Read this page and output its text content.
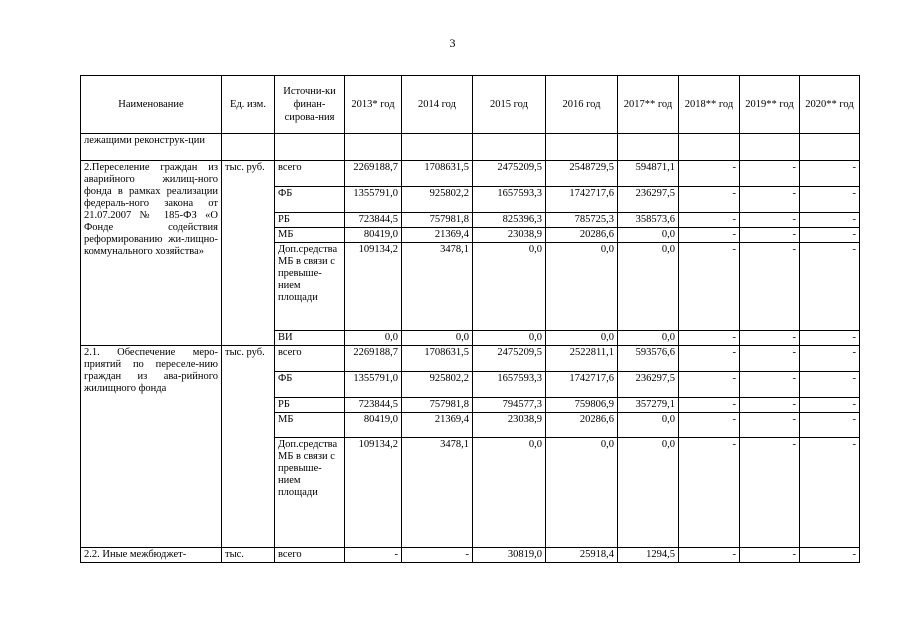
3
Наименование	Ед. изм.	Источни-ки финан-сирова-ния	2013* год	2014 год	2015 год	2016 год	2017** год	2018** год	2019** год	2020** год
лежащими реконструк-ции										
2.Переселение граждан из аварийного жилищ-ного фонда в рамках реализации федераль-ного закона от 21.07.2007 № 185-ФЗ «О Фонде содействия реформированию жи-лищно-коммунального хозяйства»	тыс. руб.	всего	2269188,7	1708631,5	2475209,5	2548729,5	594871,1	-	-	-
		ФБ	1355791,0	925802,2	1657593,3	1742717,6	236297,5	-	-	-
		РБ	723844,5	757981,8	825396,3	785725,3	358573,6	-	-	-
		МБ	80419,0	21369,4	23038,9	20286,6	0,0	-	-	-
		Доп.средства МБ в связи с превыше-нием площади	109134,2	3478,1	0,0	0,0	0,0	-	-	-
		ВИ	0,0	0,0	0,0	0,0	0,0	-	-	-
2.1. Обеспечение меро-приятий по переселе-нию граждан из ава-рийного жилищного фонда	тыс. руб.	всего	2269188,7	1708631,5	2475209,5	2522811,1	593576,6	-	-	-
		ФБ	1355791,0	925802,2	1657593,3	1742717,6	236297,5	-	-	-
		РБ	723844,5	757981,8	794577,3	759806,9	357279,1	-	-	-
		МБ	80419,0	21369,4	23038,9	20286,6	0,0	-	-	-
		Доп.средства МБ в связи с превыше-нием площади	109134,2	3478,1	0,0	0,0	0,0	-	-	-
2.2. Иные межбюджет-	тыс.	всего	-	-	30819,0	25918,4	1294,5	-	-	-
